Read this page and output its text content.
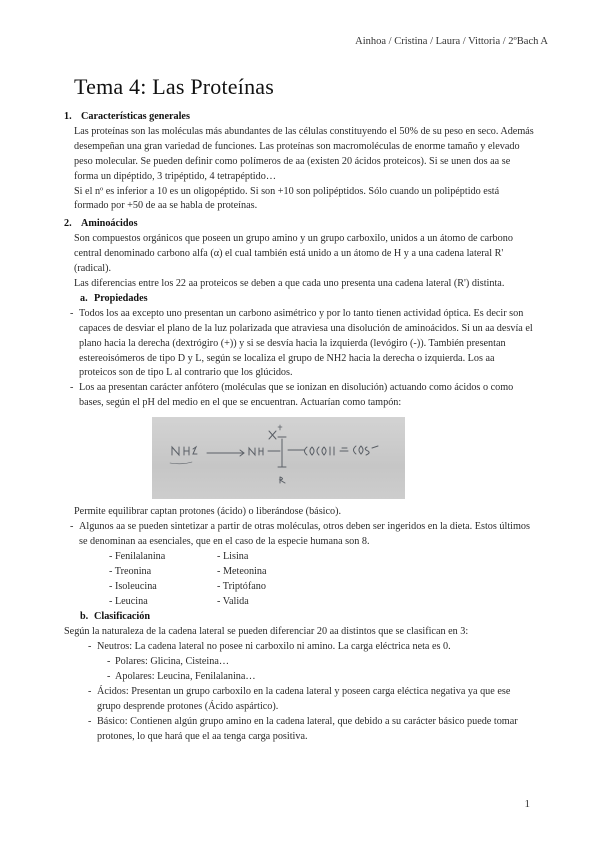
Ainhoa / Cristina / Laura / Vittoria / 2ºBach A
Tema 4: Las Proteínas
1. Características generales
Las proteínas son las moléculas más abundantes de las células constituyendo el 50% de su peso en seco. Además desempeñan una gran variedad de funciones. Las proteínas son macromoléculas de enorme tamaño y elevado peso molecular. Se pueden definir como polímeros de aa (existen 20 ácidos proteicos). Si se unen dos aa se forma un dipéptido, 3 tripéptido, 4 tetrapéptido…
Si el nº es inferior a 10 es un oligopéptido. Si son +10 son polipéptidos. Sólo cuando un polipéptido está formado por +50 de aa se habla de proteínas.
2. Aminoácidos
Son compuestos orgánicos que poseen un grupo amino y un grupo carboxilo, unidos a un átomo de carbono central denominado carbono alfa (α) el cual también está unido a un átomo de H y a una cadena lateral R' (radical).
Las diferencias entre los 22 aa proteicos se deben a que cada uno presenta una cadena lateral (R') distinta.
a. Propiedades
- Todos los aa excepto uno presentan un carbono asimétrico y por lo tanto tienen actividad óptica. Es decir son capaces de desviar el plano de la luz polarizada que atraviesa una disolución de aminoácidos. Si un aa desvía el plano hacia la derecha (dextrógiro (+)) y si se desvía hacia la izquierda (levógiro (-)). También presentan estereoisómeros de tipo D y L, según se localiza el grupo de NH2 hacia la derecha o izquierda. Los aa proteicos son de tipo L al contrario que los glúcidos.
- Los aa presentan carácter anfótero (moléculas que se ionizan en disolución) actuando como ácidos o como bases, según el pH del medio en el que se encuentran. Actuarían como tampón:
Permite equilibrar captan protones (ácido) o liberándose (básico).
- Algunos aa se pueden sintetizar a partir de otras moléculas, otros deben ser ingeridos en la dieta. Estos últimos se denominan aa esenciales, que en el caso de la especie humana son 8.
- Fenilalanina	- Lisina
- Treonina	- Meteonina
- Isoleucina	- Triptófano
- Leucina	- Valida
b. Clasificación
Según la naturaleza de la cadena lateral se pueden diferenciar 20 aa distintos que se clasifican en 3:
- Neutros: La cadena lateral no posee ni carboxilo ni amino. La carga eléctrica neta es 0.
- Polares: Glicina, Cisteina…
- Apolares: Leucina, Fenilalanina…
- Ácidos: Presentan un grupo carboxilo en la cadena lateral y poseen carga eléctica negativa ya que ese grupo desprende protones (Ácido aspártico).
- Básico: Contienen algún grupo amino en la cadena lateral, que debido a su carácter básico puede tomar protones, lo que hará que el aa tenga carga positiva.
1
